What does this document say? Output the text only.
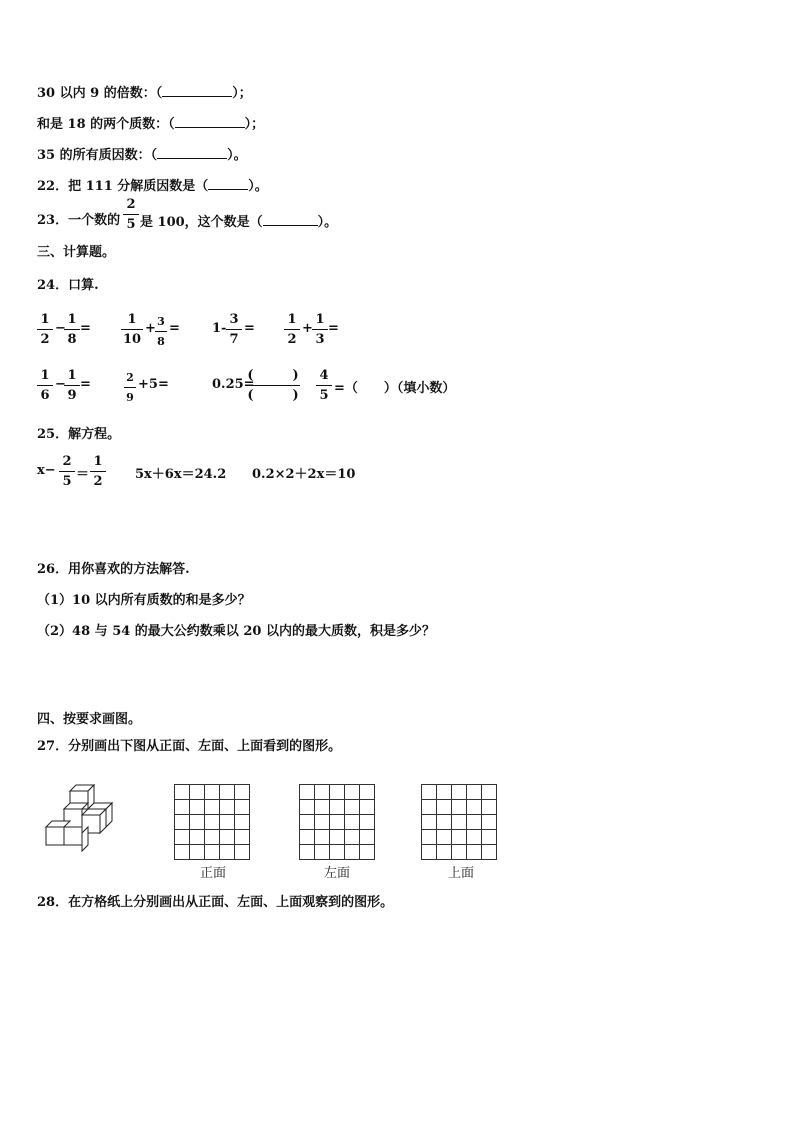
30 以内 9 的倍数：（	）；
和是 18 的两个质数：（	）；
35 的所有质因数：（	）。
22．把 111 分解质因数是（	）。
23．一个数的
2
5 是 100，这个数是（	）。
三、计算题。
24．口算.
1
2
−
1
8
=
1
10
+ 3
8
= 1-
3
7
=
1
2
+
1
3
=
1
6
−
1
9
=	2
9
+5=	0.25=
(　　　)
(　　　)
4
5 =（　　）（填小数）
25．解方程。
x−
2
5 ＝
1
2 5x＋6x＝24.2 0.2×2＋2x＝10
26．用你喜欢的方法解答.
（1）10 以内所有质数的和是多少？
（2）48 与 54 的最大公约数乘以 20 以内的最大质数，积是多少？
四、按要求画图。
27．分别画出下图从正面、左面、上面看到的图形。
正面	左面	上面
28．在方格纸上分别画出从正面、左面、上面观察到的图形。
